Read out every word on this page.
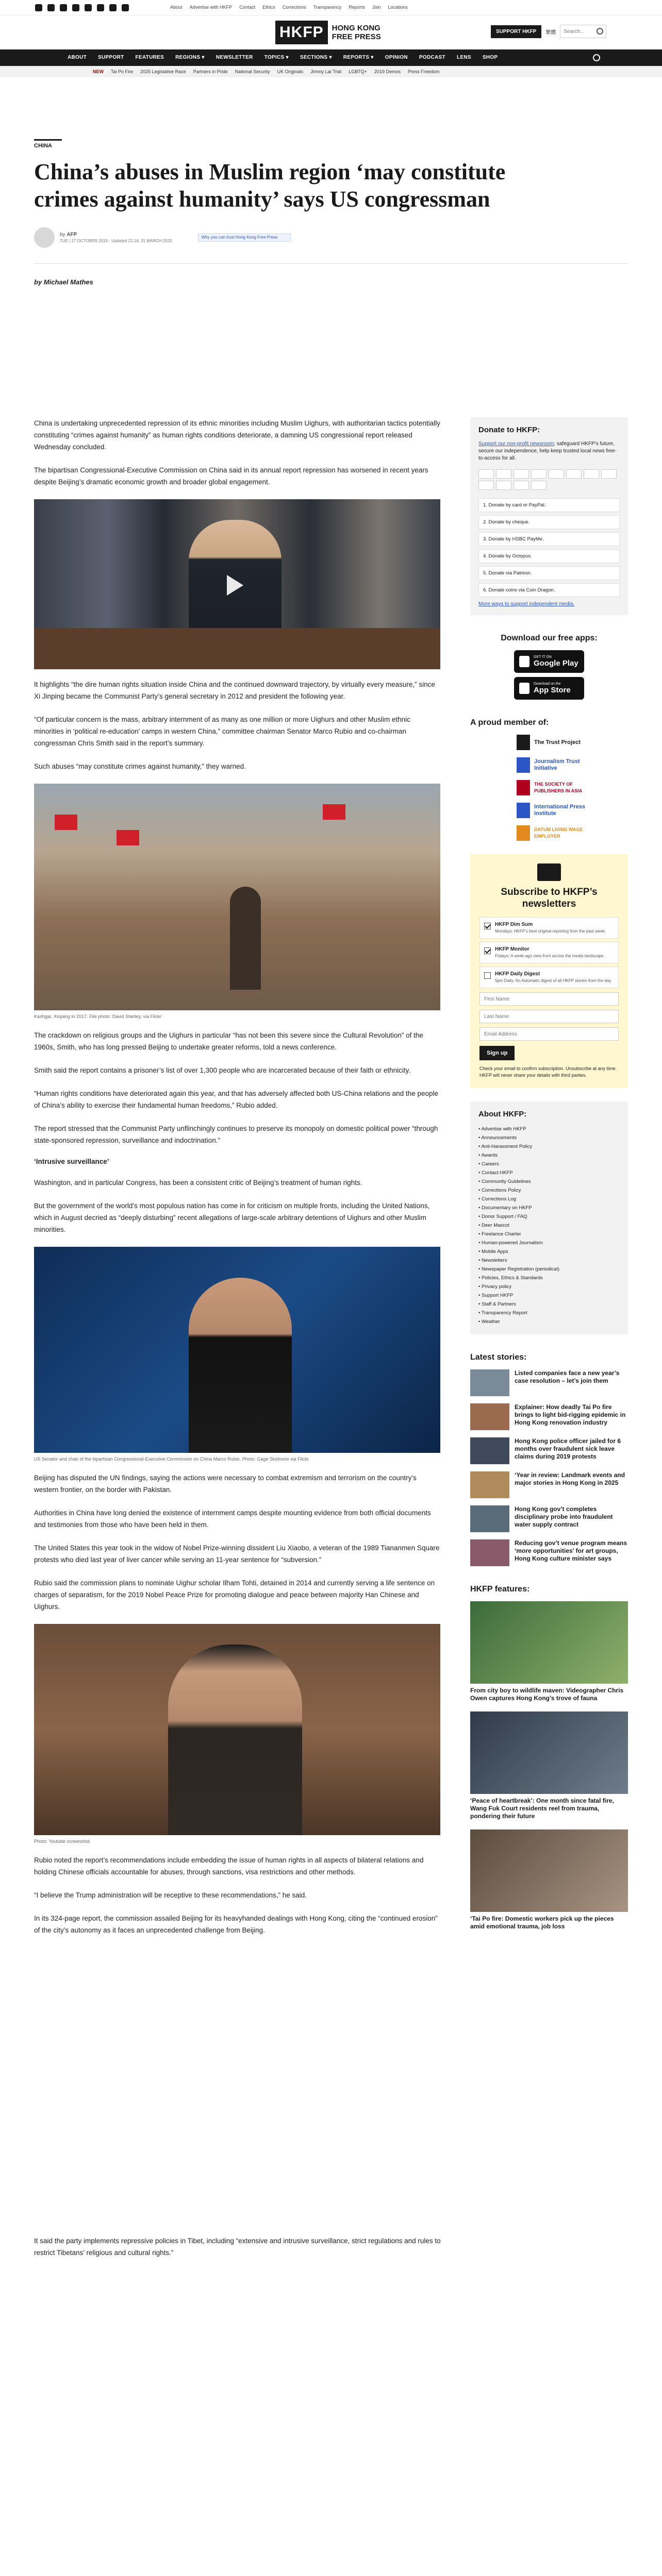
About Advertise with HKFP Contact Ethics Corrections Transparency Reports Join Locations
HKFP	HONG KONG
FREE PRESS
SUPPORT HKFP	繁體
Search...
ABOUT	SUPPORT	FEATURES	REGIONS ▾	NEWSLETTER	TOPICS ▾	SECTIONS ▾	REPORTS ▾	OPINION	PODCAST	LENS	SHOP
NEW Tai Po Fire 2025 Legislative Race Partners in Pride National Security UK Originals Jimmy Lai Trial LGBTQ+ 2019 Demos Press Freedom
CHINA
China’s abuses in Muslim region ‘may constitute crimes against humanity’ says US congressman
by AFP
TUE | 17 OCTOBER 2019 · Updated 22:16, 31 MARCH 2020
Why you can trust Hong Kong Free Press
by Michael Mathes

China is undertaking unprecedented repression of its ethnic minorities including Muslim Uighurs, with authoritarian tactics potentially constituting “crimes against humanity” as human rights conditions deteriorate, a damning US congressional report released Wednesday concluded.

The bipartisan Congressional-Executive Commission on China said in its annual report repression has worsened in recent years despite Beijing’s dramatic economic growth and broader global engagement.

It highlights “the dire human rights situation inside China and the continued downward trajectory, by virtually every measure,” since Xi Jinping became the Communist Party’s general secretary in 2012 and president the following year.

“Of particular concern is the mass, arbitrary internment of as many as one million or more Uighurs and other Muslim ethnic minorities in ‘political re-education’ camps in western China,” committee chairman Senator Marco Rubio and co-chairman congressman Chris Smith said in the report’s summary.

Such abuses “may constitute crimes against humanity,” they warned.

Kashgar, Xinjiang in 2017. File photo: David Stanley, via Flickr.

The crackdown on religious groups and the Uighurs in particular “has not been this severe since the Cultural Revolution” of the 1960s, Smith, who has long pressed Beijing to undertake greater reforms, told a news conference.

Smith said the report contains a prisoner’s list of over 1,300 people who are incarcerated because of their faith or ethnicity.

“Human rights conditions have deteriorated again this year, and that has adversely affected both US-China relations and the people of China’s ability to exercise their fundamental human freedoms,” Rubio added.

The report stressed that the Communist Party unflinchingly continues to preserve its monopoly on domestic political power “through state-sponsored repression, surveillance and indoctrination.”

‘Intrusive surveillance’

Washington, and in particular Congress, has been a consistent critic of Beijing’s treatment of human rights.

But the government of the world’s most populous nation has come in for criticism on multiple fronts, including the United Nations, which in August decried as “deeply disturbing” recent allegations of large-scale arbitrary detentions of Uighurs and other Muslim minorities.

US Senator and chair of the bipartisan Congressional-Executive Commission on China Marco Rubio. Photo: Gage Skidmore via Flickr.

Beijing has disputed the UN findings, saying the actions were necessary to combat extremism and terrorism on the country’s western frontier, on the border with Pakistan.

Authorities in China have long denied the existence of internment camps despite mounting evidence from both official documents and testimonies from those who have been held in them.

The United States this year took in the widow of Nobel Prize-winning dissident Liu Xiaobo, a veteran of the 1989 Tiananmen Square protests who died last year of liver cancer while serving an 11-year sentence for “subversion.”

Rubio said the commission plans to nominate Uighur scholar Ilham Tohti, detained in 2014 and currently serving a life sentence on charges of separatism, for the 2019 Nobel Peace Prize for promoting dialogue and peace between majority Han Chinese and Uighurs.

Photo: Youtube screenshot.

Rubio noted the report’s recommendations include embedding the issue of human rights in all aspects of bilateral relations and holding Chinese officials accountable for abuses, through sanctions, visa restrictions and other methods.

“I believe the Trump administration will be receptive to these recommendations,” he said.

In its 324-page report, the commission assailed Beijing for its heavyhanded dealings with Hong Kong, citing the “continued erosion” of the city’s autonomy as it faces an unprecedented challenge from Beijing.

It said the party implements repressive policies in Tibet, including “extensive and intrusive surveillance, strict regulations and rules to restrict Tibetans’ religious and cultural rights.”

Donate to HKFP:
Support our non-profit newsroom; safeguard HKFP’s future, secure our independence, help keep trusted local news free-to-access for all.
1. Donate by card or PayPal.
2. Donate by cheque.
3. Donate by HSBC PayMe.
4. Donate by Octopus.
5. Donate via Patreon.
6. Donate coins via Coin Dragon.
More ways to support independent media.
Download our free apps:
GET IT ON
Google Play
Download on the
App Store
A proud member of:
The Trust Project
Journalism Trust Initiative
THE SOCIETY OF PUBLISHERS IN ASIA
International Press Institute
DATUM LIVING WAGE EMPLOYER
Subscribe to HKFP’s newsletters
HKFP Dim Sum
Mondays: HKFP’s best original reporting from the past week.
HKFP Monitor
Fridays: A week-ago view from across the media landscape.
HKFP Daily Digest
5pm Daily: An Automatic digest of all HKFP stories from the day.
First Name
Last Name
Email Address Sign up
Check your email to confirm subscription. Unsubscribe at any time. HKFP will never share your details with third parties.
About HKFP:
• Advertise with HKFP
• Announcements
• Anti-Harassment Policy
• Awards
• Careers
• Contact HKFP
• Community Guidelines
• Corrections Policy
• Corrections Log
• Documentary on HKFP
• Donor Support / FAQ
• Deer Mascot
• Freelance Charter
• Human-powered Journalism
• Mobile Apps
• Newsletters
• Newspaper Registration (periodical)
• Policies, Ethics & Standards
• Privacy policy
• Support HKFP
• Staff & Partners
• Transparency Report
• Weather
Latest stories:
Listed companies face a new year’s case resolution – let’s join them
Explainer: How deadly Tai Po fire brings to light bid-rigging epidemic in Hong Kong renovation industry
Hong Kong police officer jailed for 6 months over fraudulent sick leave claims during 2019 protests
‘Year in review: Landmark events and major stories in Hong Kong in 2025
Hong Kong gov’t completes disciplinary probe into fraudulent water supply contract
Reducing gov’t venue program means ‘more opportunities’ for art groups, Hong Kong culture minister says
HKFP features:
From city boy to wildlife maven: Videographer Chris Owen captures Hong Kong’s trove of fauna
‘Peace of heartbreak’: One month since fatal fire, Wang Fuk Court residents reel from trauma, pondering their future
‘Tai Po fire: Domestic workers pick up the pieces amid emotional trauma, job loss
